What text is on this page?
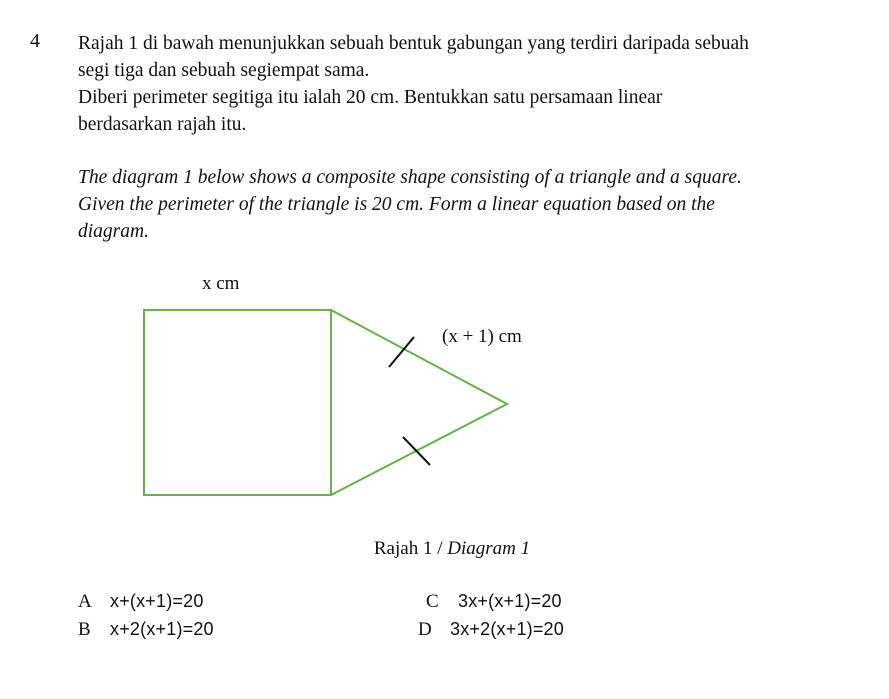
4 Rajah 1 di bawah menunjukkan sebuah bentuk gabungan yang terdiri daripada sebuah
segi tiga dan sebuah segiempat sama.
Diberi perimeter segitiga itu ialah 20 cm. Bentukkan satu persamaan linear
berdasarkan rajah itu.

The diagram 1 below shows a composite shape consisting of a triangle and a square.
Given the perimeter of the triangle is 20 cm. Form a linear equation based on the
diagram.

x cm
(x + 1) cm
Rajah 1 / Diagram 1
A	x+(x+1)=20
B	x+2(x+1)=20
C	3x+(x+1)=20
D	3x+2(x+1)=20
